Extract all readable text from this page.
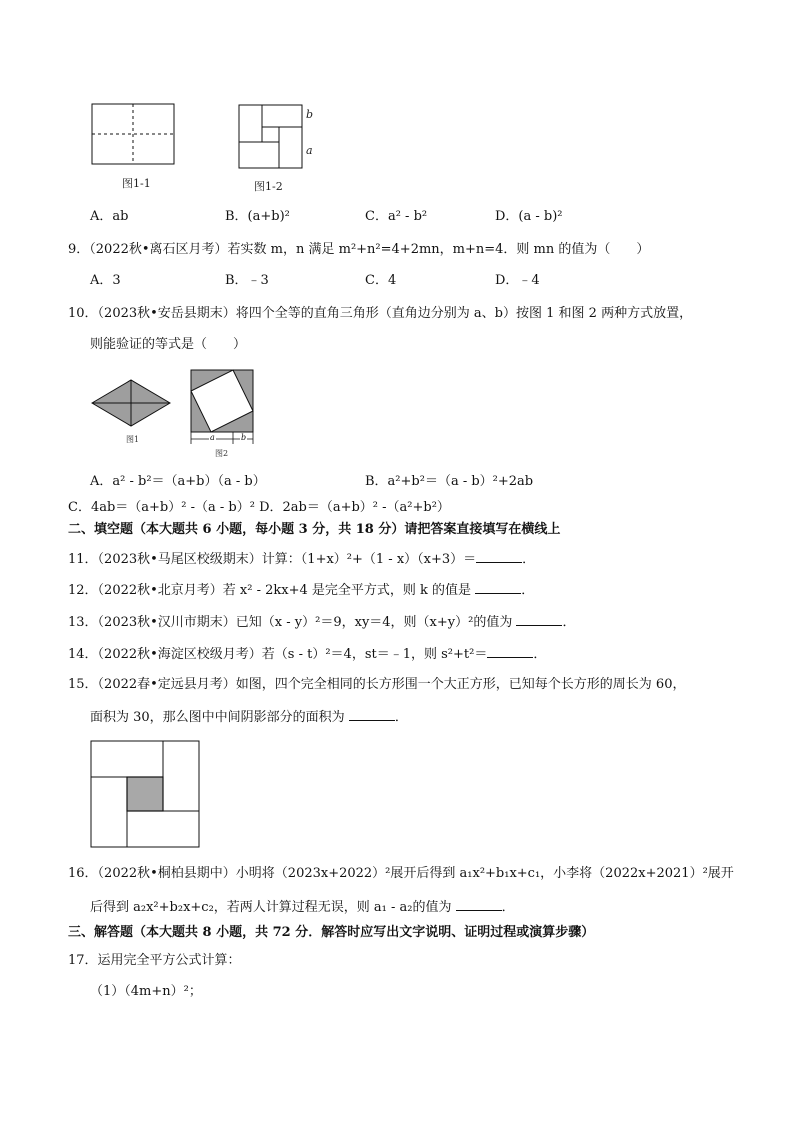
图1-1
b
a
图1-2
A．ab	B．(a+b)²	C．a² - b²	D．(a - b)²
9．（2022秋•离石区月考）若实数 m，n 满足 m²+n²=4+2mn，m+n=4．则 mn 的值为（　　）
A．3	B．﹣3	C．4	D．﹣4
10．（2023秋•安岳县期末）将四个全等的直角三角形（直角边分别为 a、b）按图 1 和图 2 两种方式放置，
则能验证的等式是（　　）
图1	a	b
图2
A．a² - b²＝（a+b）（a - b）	B．a²+b²＝（a - b）²+2ab
C．4ab＝（a+b）² -（a - b）² D．2ab＝（a+b）² -（a²+b²）
二、填空题（本大题共 6 小题，每小题 3 分，共 18 分）请把答案直接填写在横线上
11．（2023秋•马尾区校级期末）计算：（1+x）²+（1 - x）（x+3）＝	．
12．（2022秋•北京月考）若 x² - 2kx+4 是完全平方式，则 k 的值是	．
13．（2023秋•汉川市期末）已知（x - y）²＝9，xy＝4，则（x+y）²的值为	．
14．（2022秋•海淀区校级月考）若（s - t）²＝4，st＝﹣1，则 s²+t²＝	．
15．（2022春•定远县月考）如图，四个完全相同的长方形围一个大正方形，已知每个长方形的周长为 60，
面积为 30，那么图中中间阴影部分的面积为	．
16．（2022秋•桐柏县期中）小明将（2023x+2022）²展开后得到 a₁x²+b₁x+c₁，小李将（2022x+2021）²展开
后得到 a₂x²+b₂x+c₂，若两人计算过程无误，则 a₁ - a₂的值为	．
三、解答题（本大题共 8 小题，共 72 分．解答时应写出文字说明、证明过程或演算步骤）
17．运用完全平方公式计算：
（1）（4m+n）²；
